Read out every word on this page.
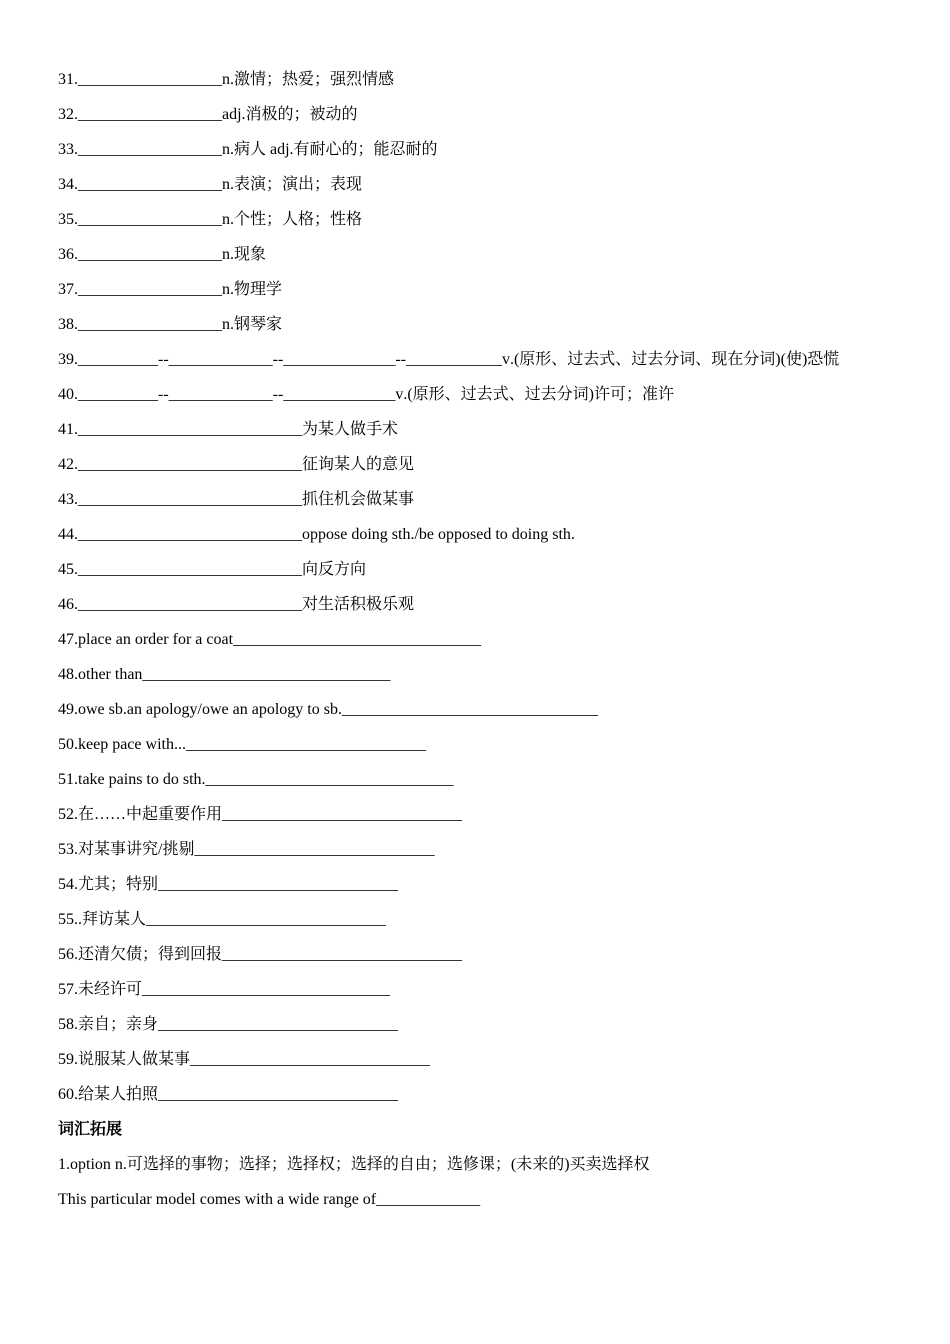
31.__________________n.激情；热爱；强烈情感

32.__________________adj.消极的；被动的

33.__________________n.病人 adj.有耐心的；能忍耐的

34.__________________n.表演；演出；表现

35.__________________n.个性；人格；性格

36.__________________n.现象

37.__________________n.物理学

38.__________________n.钢琴家

39.__________--_____________--______________--____________v.(原形、过去式、过去分词、现在分词)(使)恐慌

40.__________--_____________--______________v.(原形、过去式、过去分词)许可；准许

41.____________________________为某人做手术

42.____________________________征询某人的意见

43.____________________________抓住机会做某事

44.____________________________oppose doing sth./be opposed to doing sth.

45.____________________________向反方向

46.____________________________对生活积极乐观

47.place an order for a coat_______________________________

48.other than_______________________________

49.owe sb.an apology/owe an apology to sb.________________________________

50.keep pace with...______________________________

51.take pains to do sth._______________________________

52.在……中起重要作用______________________________

53.对某事讲究/挑剔______________________________

54.尤其；特别______________________________

55..拜访某人______________________________

56.还清欠债；得到回报______________________________

57.未经许可_______________________________

58.亲自；亲身______________________________

59.说服某人做某事______________________________

60.给某人拍照______________________________

词汇拓展

1.option n.可选择的事物；选择；选择权；选择的自由；选修课；(未来的)买卖选择权

This particular model comes with a wide range of_____________
